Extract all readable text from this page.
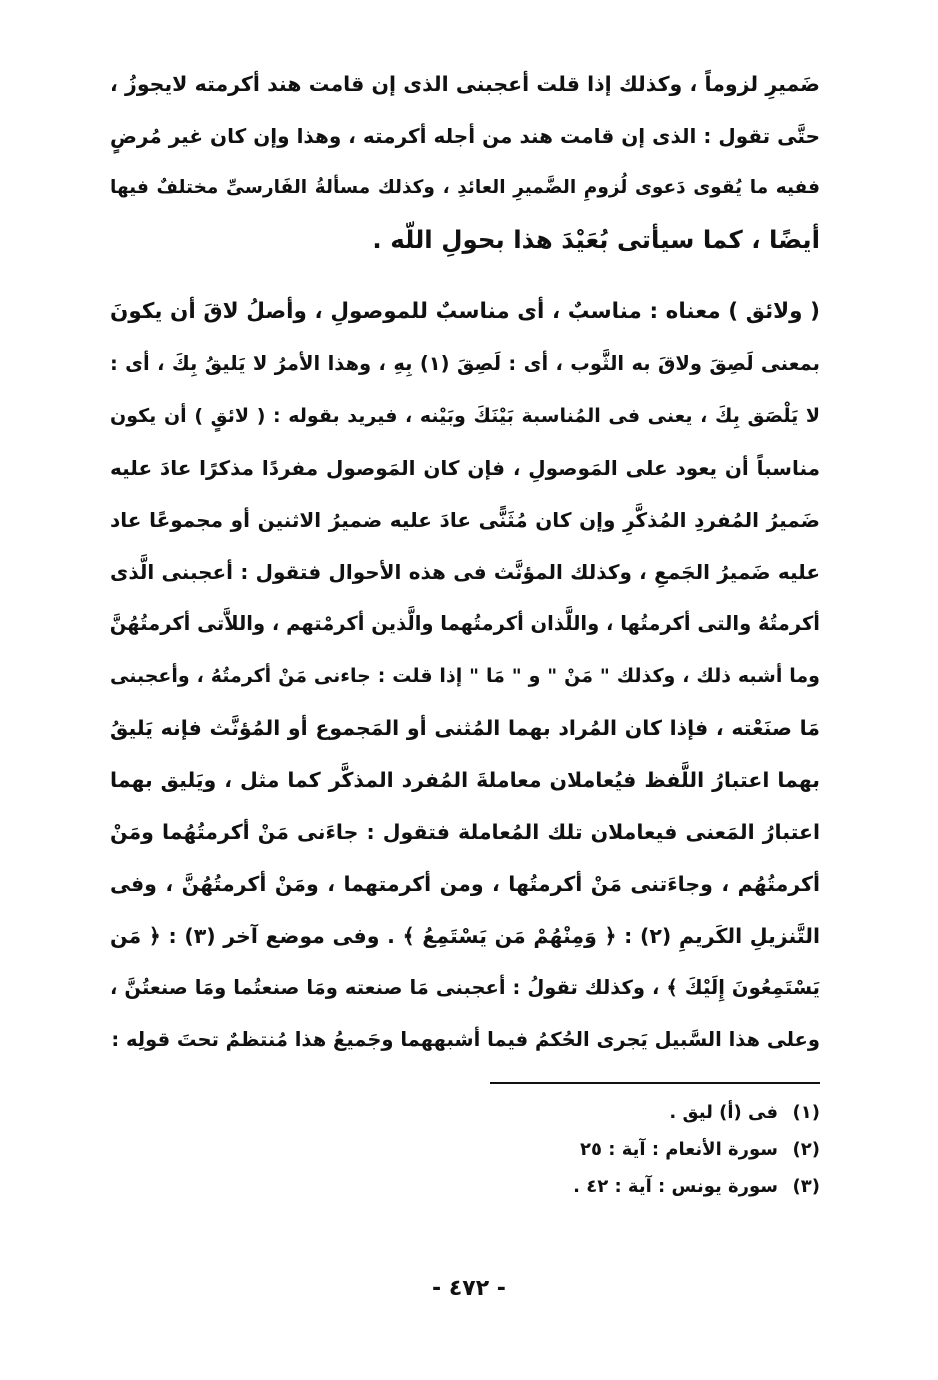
ضَميرِ لزوماً ، وكذلك إذا قلت أعجبنى الذى إن قامت هند أكرمته لايجوزُ ،
حتَّى تقول : الذى إن قامت هند من أجله أكرمته ، وهذا وإن كان غير مُرضٍ
ففيه ما يُقوى دَعوى لُزومِ الضَّميرِ العائدِ ، وكذلك مسألةُ الفَارسىِّ مختلفٌ فيها
أيضًا ، كما سيأتى بُعَيْدَ هذا بحولِ اللّه .
( ولائق ) معناه : مناسبٌ ، أى مناسبٌ للموصولِ ، وأصلُ لاقَ أن يكونَ
بمعنى لَصِقَ ولاقَ به الثَّوب ، أى : لَصِقَ (١) بِهِ ، وهذا الأمرُ لا يَليقُ بِكَ ، أى :
لا يَلْصَق بِكَ ، يعنى فى المُناسبة بَيْنَكَ وبَيْنه ، فيريد بقوله : ( لائقٍ ) أن يكون
مناسباً أن يعود على المَوصولِ ، فإن كان المَوصول مفردًا مذكرًا عادَ عليه
ضَميرُ المُفردِ المُذكَّرِ وإن كان مُثَنًّى عادَ عليه ضميرُ الاثنين أو مجموعًا عاد
عليه ضَميرُ الجَمعِ ، وكذلك المؤنَّث فى هذه الأحوال فتقول : أعجبنى الَّذى
أكرمتُهُ والتى أكرمتُها ، واللَّذان أكرمتُهما والَّذين أكرمْتهم ، واللاَّتى أكرمتُهُنَّ
وما أشبه ذلك ، وكذلك " مَنْ " و " مَا " إذا قلت : جاءنى مَنْ أكرمتُهُ ، وأعجبنى
مَا صنَعْته ، فإذا كان المُراد بهما المُثنى أو المَجموع أو المُؤنَّث فإنه يَليقُ
بهما اعتبارُ اللَّفظ فيُعاملان معاملةَ المُفرد المذكَّر كما مثل ، ويَليق بهما
اعتبارُ المَعنى فيعاملان تلك المُعاملة فتقول : جاءَنى مَنْ أكرمتُهُما ومَنْ
أكرمتُهُم ، وجاءَتنى مَنْ أكرمتُها ، ومن أكرمتهما ، ومَنْ أكرمتُهُنَّ ، وفى
التَّنزيلِ الكَريمِ (٢) : ﴿ وَمِنْهُمْ مَن يَسْتَمِعُ ﴾ . وفى موضع آخر (٣) : ﴿ مَن
يَسْتَمِعُونَ إِلَيْكَ ﴾ ، وكذلك تقولُ : أعجبنى مَا صنعته ومَا صنعتُما ومَا صنعتُنَّ ،
وعلى هذا السَّبيل يَجرى الحُكمُ فيما أشبههما وجَميعُ هذا مُنتظمٌ تحتَ قولِه :
(١)
فى (أ) ليق .
(٢)
سورة الأنعام : آية : ٢٥
(٣)
سورة يونس : آية : ٤٢ .
- ٤٧٢ -
